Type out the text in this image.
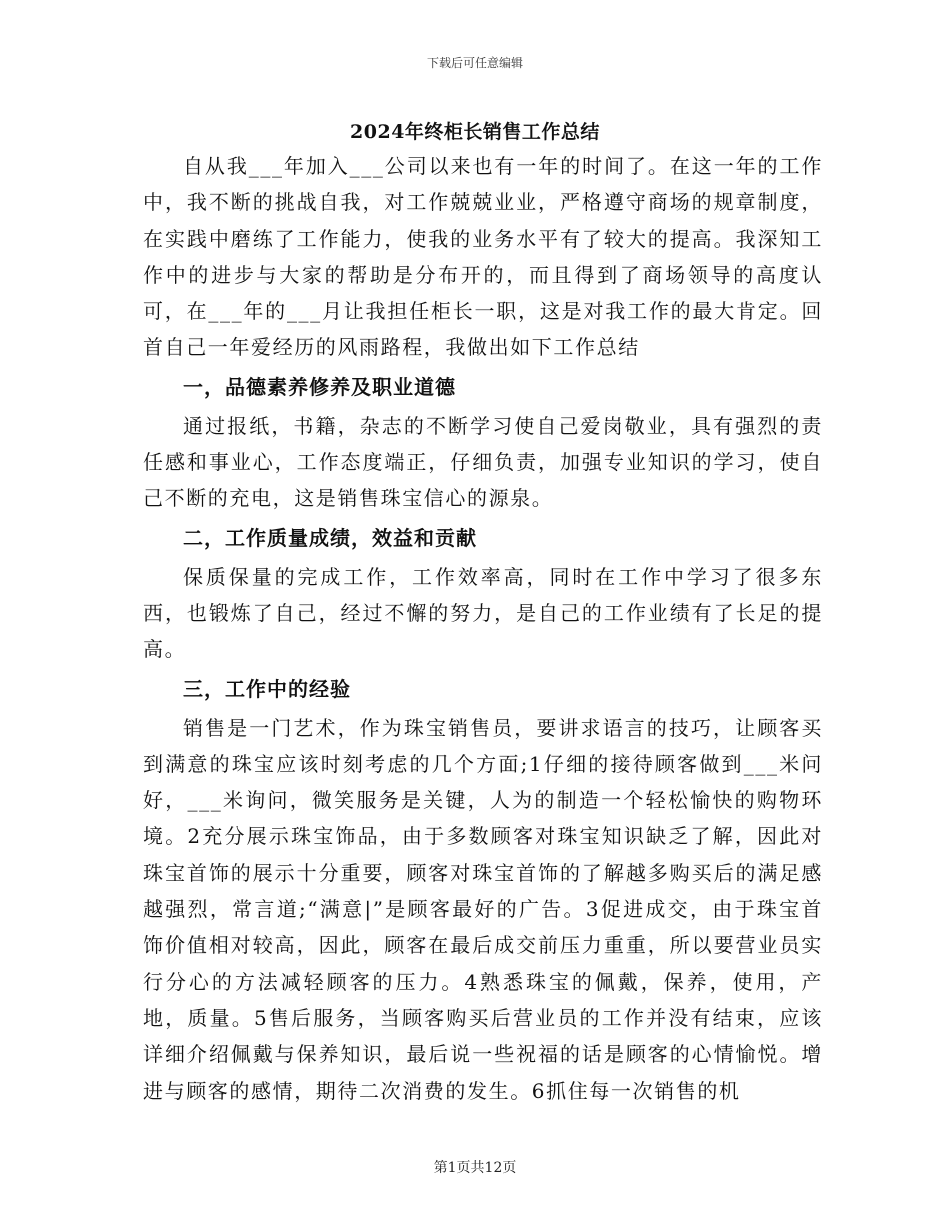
下载后可任意编辑
2024年终柜长销售工作总结

自从我___年加入___公司以来也有一年的时间了。在这一年的工作中，我不断的挑战自我，对工作兢兢业业，严格遵守商场的规章制度，在实践中磨练了工作能力，使我的业务水平有了较大的提高。我深知工作中的进步与大家的帮助是分布开的，而且得到了商场领导的高度认可，在___年的___月让我担任柜长一职，这是对我工作的最大肯定。回首自己一年爱经历的风雨路程，我做出如下工作总结

一，品德素养修养及职业道德

通过报纸，书籍，杂志的不断学习使自己爱岗敬业，具有强烈的责任感和事业心，工作态度端正，仔细负责，加强专业知识的学习，使自己不断的充电，这是销售珠宝信心的源泉。

二，工作质量成绩，效益和贡献

保质保量的完成工作，工作效率高，同时在工作中学习了很多东西，也锻炼了自己，经过不懈的努力，是自己的工作业绩有了长足的提高。

三，工作中的经验

销售是一门艺术，作为珠宝销售员，要讲求语言的技巧，让顾客买到满意的珠宝应该时刻考虑的几个方面;1仔细的接待顾客做到___米问好，___米询问，微笑服务是关键，人为的制造一个轻松愉快的购物环境。2充分展示珠宝饰品，由于多数顾客对珠宝知识缺乏了解，因此对珠宝首饰的展示十分重要，顾客对珠宝首饰的了解越多购买后的满足感越强烈，常言道;“满意|”是顾客最好的广告。3促进成交，由于珠宝首饰价值相对较高，因此，顾客在最后成交前压力重重，所以要营业员实行分心的方法减轻顾客的压力。4熟悉珠宝的佩戴，保养，使用，产地，质量。5售后服务，当顾客购买后营业员的工作并没有结束，应该详细介绍佩戴与保养知识，最后说一些祝福的话是顾客的心情愉悦。增进与顾客的感情，期待二次消费的发生。6抓住每一次销售的机

第1页共12页
